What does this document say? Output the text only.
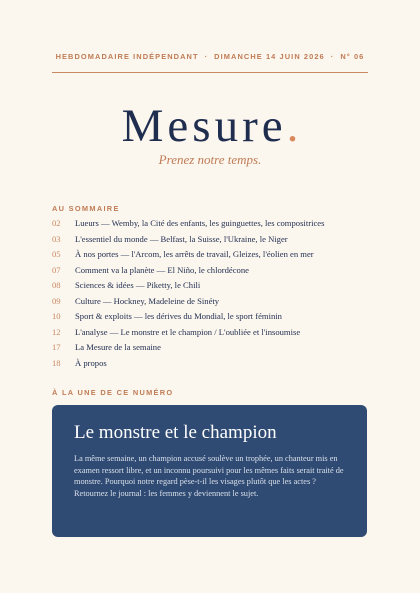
HEBDOMADAIRE INDÉPENDANT · DIMANCHE 14 JUIN 2026 · N° 06
Mesure.
Prenez notre temps.
AU SOMMAIRE
02	Lueurs — Wemby, la Cité des enfants, les guinguettes, les compositrices
03	L'essentiel du monde — Belfast, la Suisse, l'Ukraine, le Niger
05	À nos portes — l'Arcom, les arrêts de travail, Gleizes, l'éolien en mer
07	Comment va la planète — El Niño, le chlordécone
08	Sciences & idées — Piketty, le Chili
09	Culture — Hockney, Madeleine de Sinéty
10	Sport & exploits — les dérives du Mondial, le sport féminin
12	L'analyse — Le monstre et le champion / L'oubliée et l'insoumise
17	La Mesure de la semaine
18	À propos
À LA UNE DE CE NUMÉRO
Le monstre et le champion
La même semaine, un champion accusé soulève un trophée, un chanteur mis en examen ressort libre, et un inconnu poursuivi pour les mêmes faits serait traité de monstre. Pourquoi notre regard pèse-t-il les visages plutôt que les actes ? Retournez le journal : les femmes y deviennent le sujet.
